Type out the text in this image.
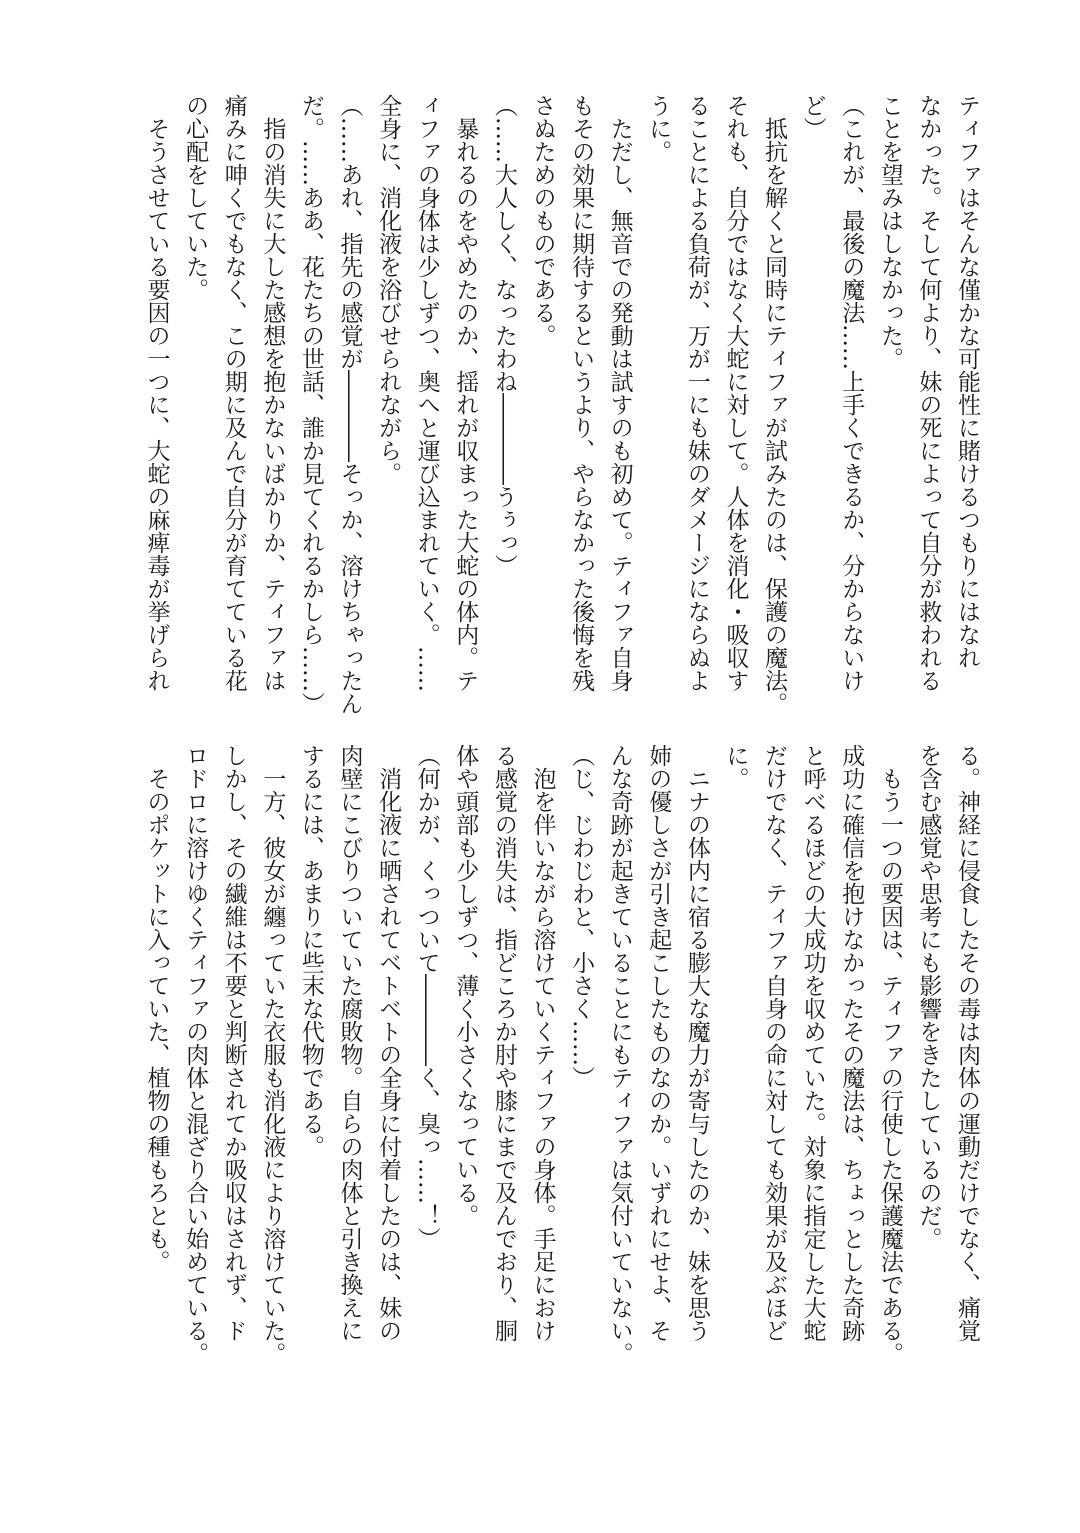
ティファはそんな僅かな可能性に賭けるつもりにはなれ

なかった。そして何より、妹の死によって自分が救われる

ことを望みはしなかった。

（これが、最後の魔法……上手くできるか、分からないけ

ど）

　抵抗を解くと同時にティファが試みたのは、保護の魔法。

それも、自分ではなく大蛇に対して。人体を消化・吸収す

ることによる負荷が、万が一にも妹のダメージにならぬよ

うに。

　ただし、無音での発動は試すのも初めて。ティファ自身

もその効果に期待するというより、やらなかった後悔を残

さぬためのものである。

（……大人しく、なったわね――――うぅっ）

　暴れるのをやめたのか、揺れが収まった大蛇の体内。テ

ィファの身体は少しずつ、奥へと運び込まれていく。……

全身に、消化液を浴びせられながら。

（……あれ、指先の感覚が――――そっか、溶けちゃったん

だ。……ああ、花たちの世話、誰か見てくれるかしら……）

　指の消失に大した感想を抱かないばかりか、ティファは

痛みに呻くでもなく、この期に及んで自分が育てている花

の心配をしていた。

　そうさせている要因の一つに、大蛇の麻痺毒が挙げられ

る。神経に侵食したその毒は肉体の運動だけでなく、痛覚

を含む感覚や思考にも影響をきたしているのだ。

　もう一つの要因は、ティファの行使した保護魔法である。

成功に確信を抱けなかったその魔法は、ちょっとした奇跡

と呼べるほどの大成功を収めていた。対象に指定した大蛇

だけでなく、ティファ自身の命に対しても効果が及ぶほど

に。

　ニナの体内に宿る膨大な魔力が寄与したのか、妹を思う

姉の優しさが引き起こしたものなのか。いずれにせよ、そ

んな奇跡が起きていることにもティファは気付いていない。

（じ、じわじわと、小さく……）

　泡を伴いながら溶けていくティファの身体。手足におけ

る感覚の消失は、指どころか肘や膝にまで及んでおり、胴

体や頭部も少しずつ、薄く小さくなっている。

（何かが、くっついて――――く、臭っ……！）

　消化液に晒されてベトベトの全身に付着したのは、妹の

肉壁にこびりついていた腐敗物。自らの肉体と引き換えに

するには、あまりに些末な代物である。

　一方、彼女が纏っていた衣服も消化液により溶けていた。

しかし、その繊維は不要と判断されてか吸収はされず、ド

ロドロに溶けゆくティファの肉体と混ざり合い始めている。

　そのポケットに入っていた、植物の種もろとも。
